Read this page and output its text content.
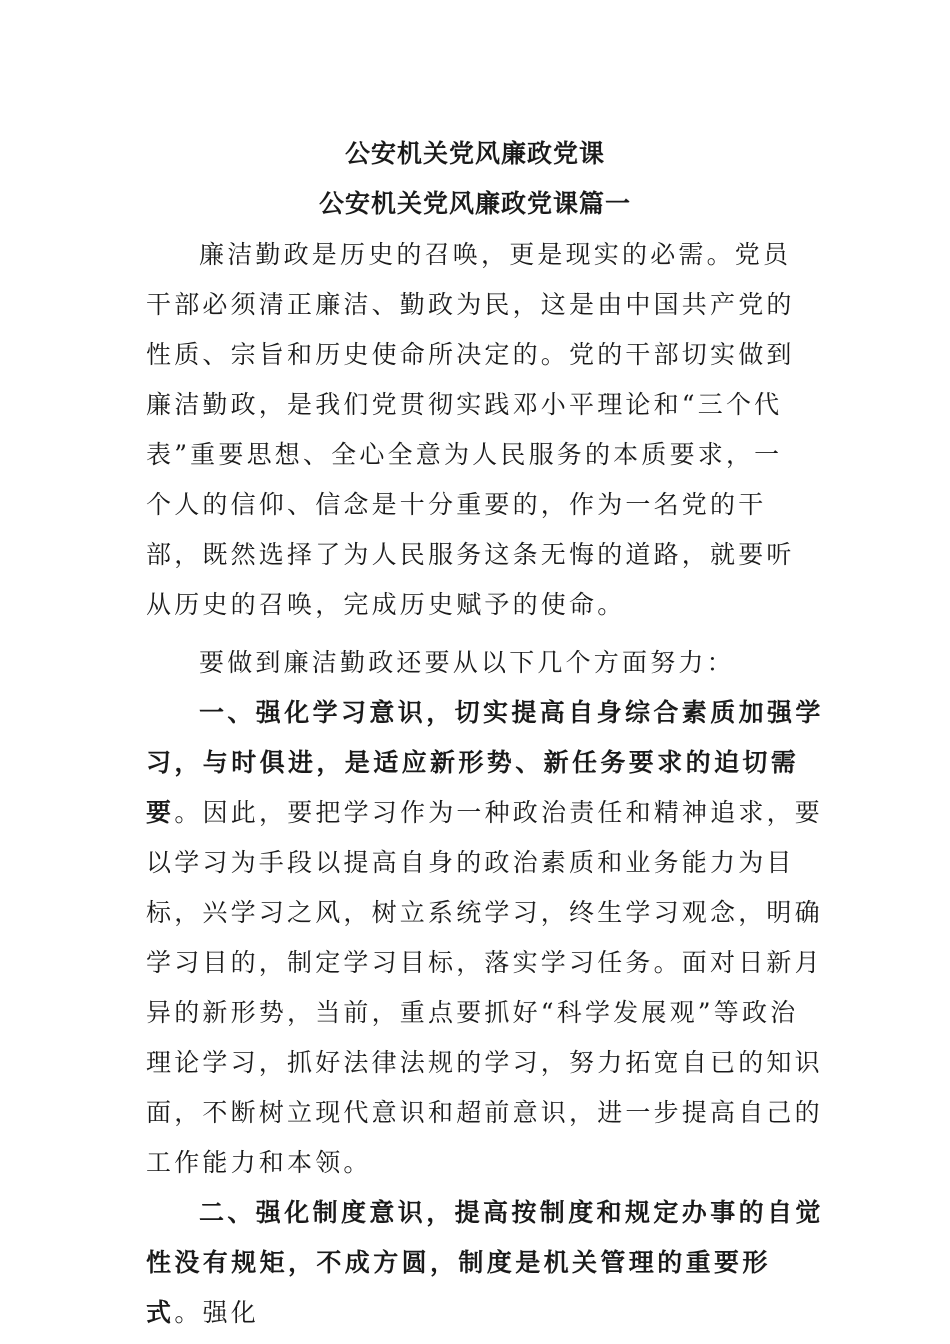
公安机关党风廉政党课
公安机关党风廉政党课篇一

廉洁勤政是历史的召唤，更是现实的必需。党员干部必须清正廉洁、勤政为民，这是由中国共产党的性质、宗旨和历史使命所决定的。党的干部切实做到廉洁勤政，是我们党贯彻实践邓小平理论和“三个代表”重要思想、全心全意为人民服务的本质要求，一个人的信仰、信念是十分重要的，作为一名党的干部，既然选择了为人民服务这条无悔的道路，就要听从历史的召唤，完成历史赋予的使命。

要做到廉洁勤政还要从以下几个方面努力：

一、强化学习意识，切实提高自身综合素质加强学习，与时俱进，是适应新形势、新任务要求的迫切需要。因此，要把学习作为一种政治责任和精神追求，要以学习为手段以提高自身的政治素质和业务能力为目标，兴学习之风，树立系统学习，终生学习观念，明确学习目的，制定学习目标，落实学习任务。面对日新月异的新形势，当前，重点要抓好“科学发展观”等政治理论学习，抓好法律法规的学习，努力拓宽自已的知识面，不断树立现代意识和超前意识，进一步提高自己的工作能力和本领。

二、强化制度意识，提高按制度和规定办事的自觉性没有规矩，不成方圆，制度是机关管理的重要形式。强化
